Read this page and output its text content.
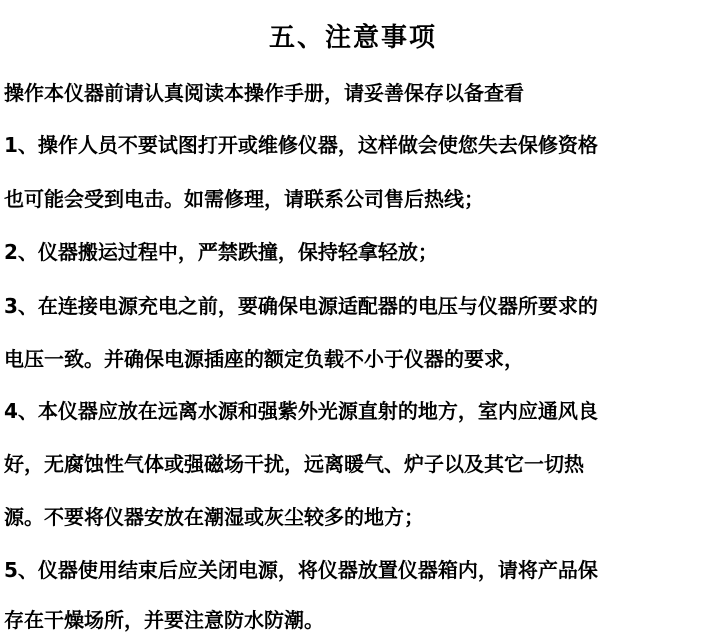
五、注意事项
操作本仪器前请认真阅读本操作手册，请妥善保存以备查看
1、操作人员不要试图打开或维修仪器，这样做会使您失去保修资格
也可能会受到电击。如需修理，请联系公司售后热线；
2、仪器搬运过程中，严禁跌撞，保持轻拿轻放；
3、在连接电源充电之前，要确保电源适配器的电压与仪器所要求的
电压一致。并确保电源插座的额定负载不小于仪器的要求，
4、本仪器应放在远离水源和强紫外光源直射的地方，室内应通风良
好，无腐蚀性气体或强磁场干扰，远离暖气、炉子以及其它一切热
源。不要将仪器安放在潮湿或灰尘较多的地方；
5、仪器使用结束后应关闭电源，将仪器放置仪器箱内，请将产品保
存在干燥场所，并要注意防水防潮。
